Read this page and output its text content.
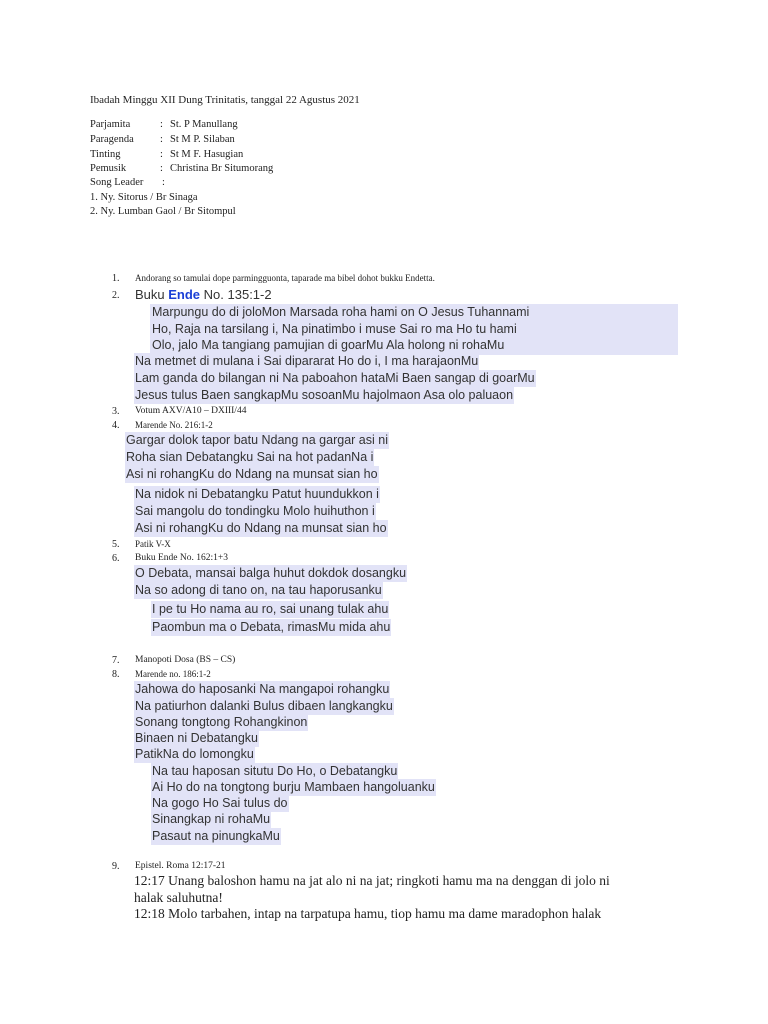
Ibadah Minggu XII Dung Trinitatis, tanggal 22 Agustus 2021
Parjamita	: St. P Manullang
Paragenda	: St M P. Silaban
Tinting	: St M F. Hasugian
Pemusik	: Christina Br Situmorang
Song Leader :
1. Ny. Sitorus / Br Sinaga
2. Ny. Lumban Gaol / Br Sitompul
1. Andorang so tamulai dope parmingguonta, taparade ma bibel dohot bukku Endetta.
2. Buku Ende No. 135:1-2
Marpungu do di joloMon Marsada roha hami on O Jesus Tuhannami
Ho, Raja na tarsilang i, Na pinatimbo i muse Sai ro ma Ho tu hami
Olo, jalo Ma tangiang pamujian di goarMu Ala holong ni rohaMu
Na metmet di mulana i Sai dipararat Ho do i, I ma harajaonMu
Lam ganda do bilangan ni Na paboahon hataMi Baen sangap di goarMu
Jesus tulus Baen sangkapMu sosoanMu hajolmaon Asa olo paluaon
3. Votum AXV/A10 – DXIII/44
4. Marende No. 216:1-2
Gargar dolok tapor batu Ndang na gargar asi ni
Roha sian Debatangku Sai na hot padanNa i
Asi ni rohangKu do Ndang na munsat sian ho
Na nidok ni Debatangku Patut huundukkon i
Sai mangolu do tondingku Molo huihuthon i
Asi ni rohangKu do Ndang na munsat sian ho
5. Patik V-X
6. Buku Ende No. 162:1+3
O Debata, mansai balga huhut dokdok dosangku
Na so adong di tano on, na tau haporusanku
I pe tu Ho nama au ro, sai unang tulak ahu
Paombun ma o Debata, rimasMu mida ahu
7. Manopoti Dosa (BS – CS)
8. Marende no. 186:1-2
Jahowa do haposanki Na mangapoi rohangku
Na patiurhon dalanki Bulus dibaen langkangku
Sonang tongtong Rohangkinon
Binaen ni Debatangku
PatikNa do lomongku
Na tau haposan situtu Do Ho, o Debatangku
Ai Ho do na tongtong burju Mambaen hangoluanku
Na gogo Ho Sai tulus do
Sinangkap ni rohaMu
Pasaut na pinungkaMu
9. Epistel. Roma 12:17-21
12:17 Unang baloshon hamu na jat alo ni na jat; ringkoti hamu ma na denggan di jolo ni
halak saluhutna!
12:18 Molo tarbahen, intap na tarpatupa hamu, tiop hamu ma dame maradophon halak
